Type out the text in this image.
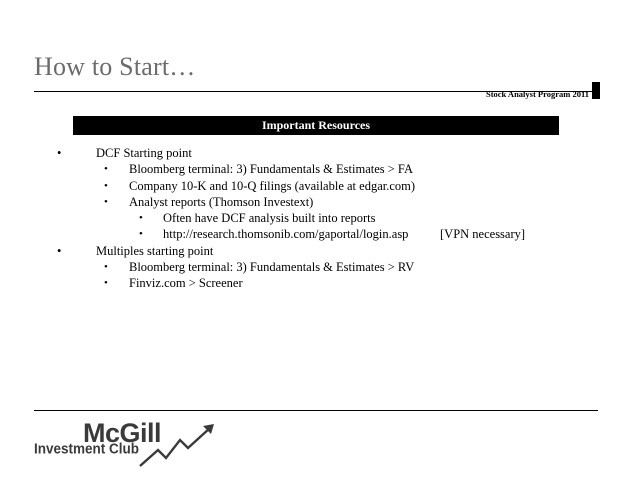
How to Start…
Stock Analyst Program 2011
Important Resources
•	DCF Starting point
• Bloomberg terminal: 3) Fundamentals & Estimates > FA
• Company 10-K and 10-Q filings (available at edgar.com)
• Analyst reports (Thomson Investext)
• Often have DCF analysis built into reports
• http://research.thomsonib.com/gaportal/login.asp	[VPN necessary]
•	Multiples starting point
• Bloomberg terminal: 3) Fundamentals & Estimates > RV
• Finviz.com > Screener
McGill
Investment Club
